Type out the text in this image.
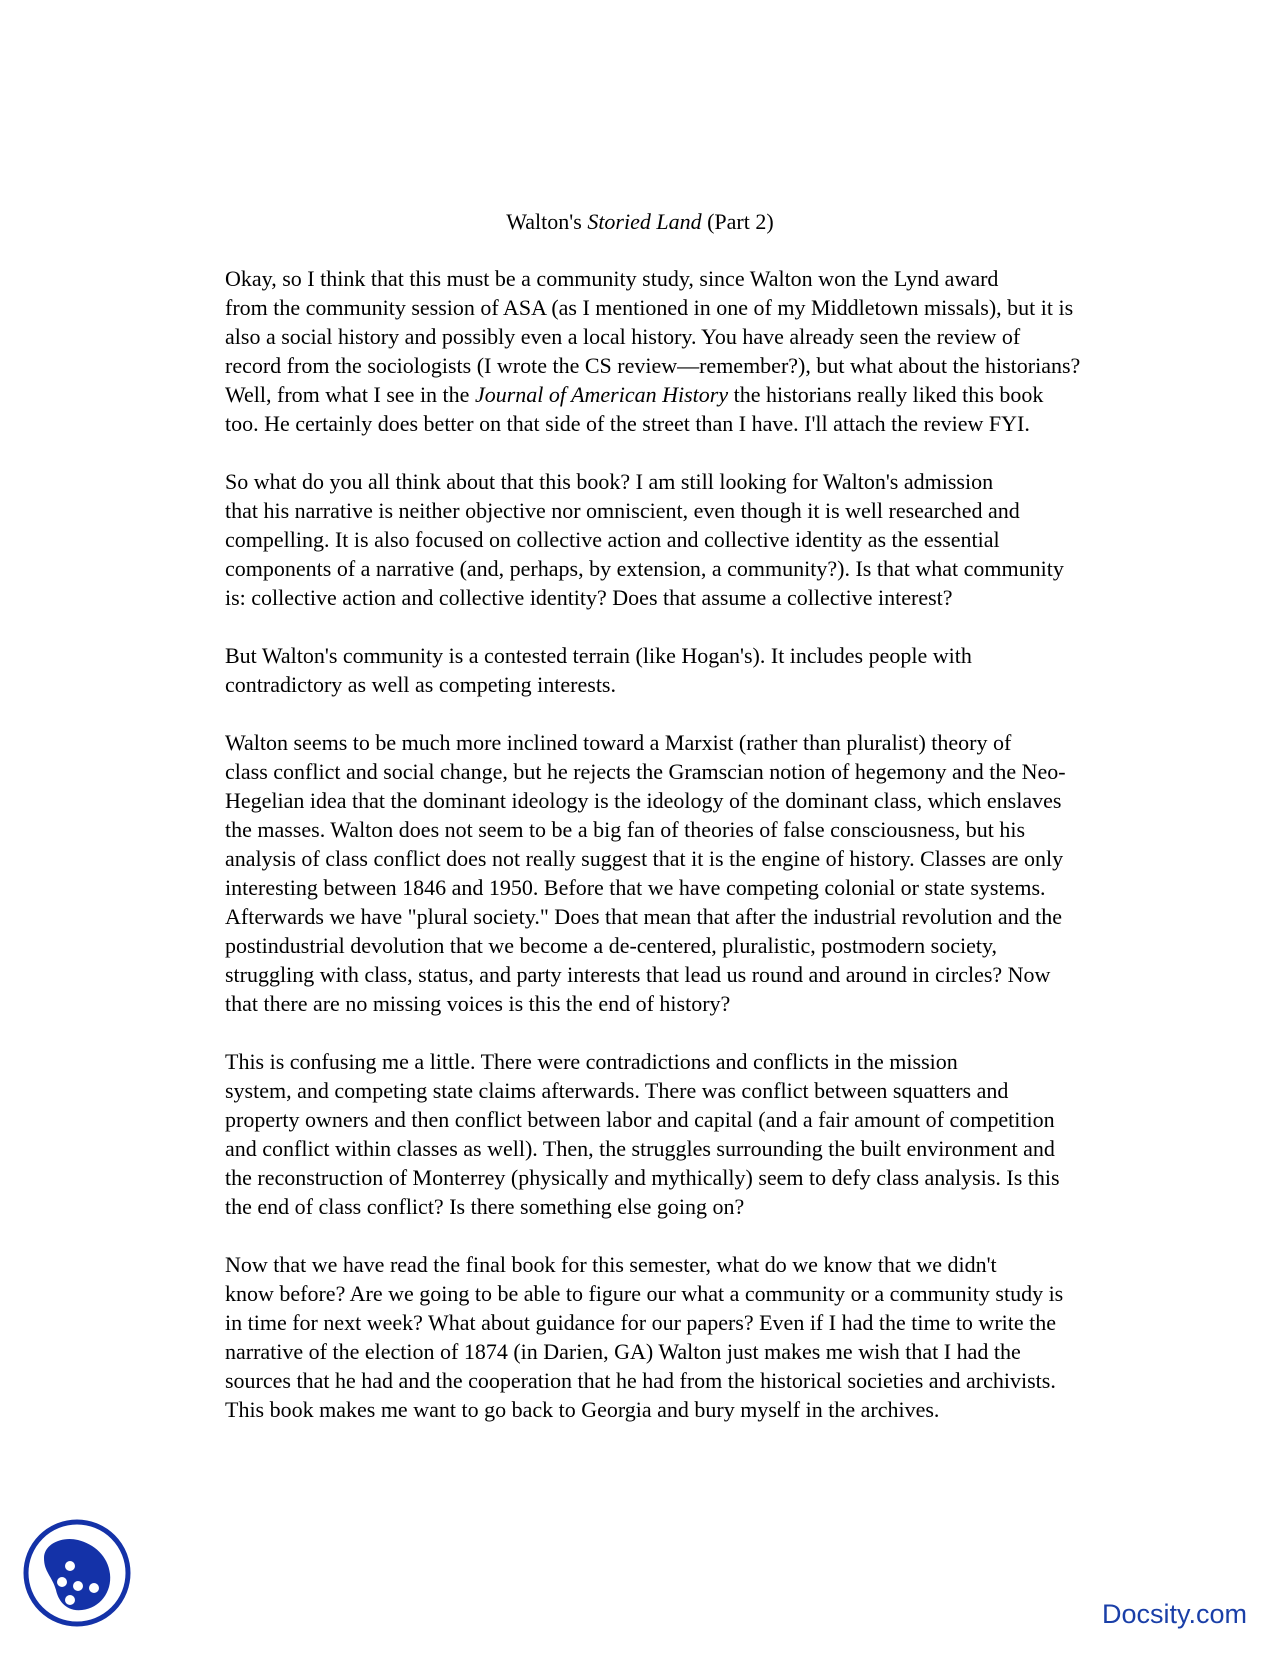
Walton's Storied Land (Part 2)

Okay, so I think that this must be a community study, since Walton won the Lynd award
from the community session of ASA (as I mentioned in one of my Middletown missals), but it is
also a social history and possibly even a local history. You have already seen the review of
record from the sociologists (I wrote the CS review—remember?), but what about the historians?
Well, from what I see in the Journal of American History the historians really liked this book
too. He certainly does better on that side of the street than I have. I'll attach the review FYI.

So what do you all think about that this book? I am still looking for Walton's admission
that his narrative is neither objective nor omniscient, even though it is well researched and
compelling. It is also focused on collective action and collective identity as the essential
components of a narrative (and, perhaps, by extension, a community?). Is that what community
is: collective action and collective identity? Does that assume a collective interest?

But Walton's community is a contested terrain (like Hogan's). It includes people with
contradictory as well as competing interests.

Walton seems to be much more inclined toward a Marxist (rather than pluralist) theory of
class conflict and social change, but he rejects the Gramscian notion of hegemony and the Neo-
Hegelian idea that the dominant ideology is the ideology of the dominant class, which enslaves
the masses. Walton does not seem to be a big fan of theories of false consciousness, but his
analysis of class conflict does not really suggest that it is the engine of history. Classes are only
interesting between 1846 and 1950. Before that we have competing colonial or state systems.
Afterwards we have "plural society." Does that mean that after the industrial revolution and the
postindustrial devolution that we become a de-centered, pluralistic, postmodern society,
struggling with class, status, and party interests that lead us round and around in circles? Now
that there are no missing voices is this the end of history?

This is confusing me a little. There were contradictions and conflicts in the mission
system, and competing state claims afterwards. There was conflict between squatters and
property owners and then conflict between labor and capital (and a fair amount of competition
and conflict within classes as well). Then, the struggles surrounding the built environment and
the reconstruction of Monterrey (physically and mythically) seem to defy class analysis. Is this
the end of class conflict? Is there something else going on?

Now that we have read the final book for this semester, what do we know that we didn't
know before? Are we going to be able to figure our what a community or a community study is
in time for next week? What about guidance for our papers? Even if I had the time to write the
narrative of the election of 1874 (in Darien, GA) Walton just makes me wish that I had the
sources that he had and the cooperation that he had from the historical societies and archivists.
This book makes me want to go back to Georgia and bury myself in the archives.

Docsity.com
